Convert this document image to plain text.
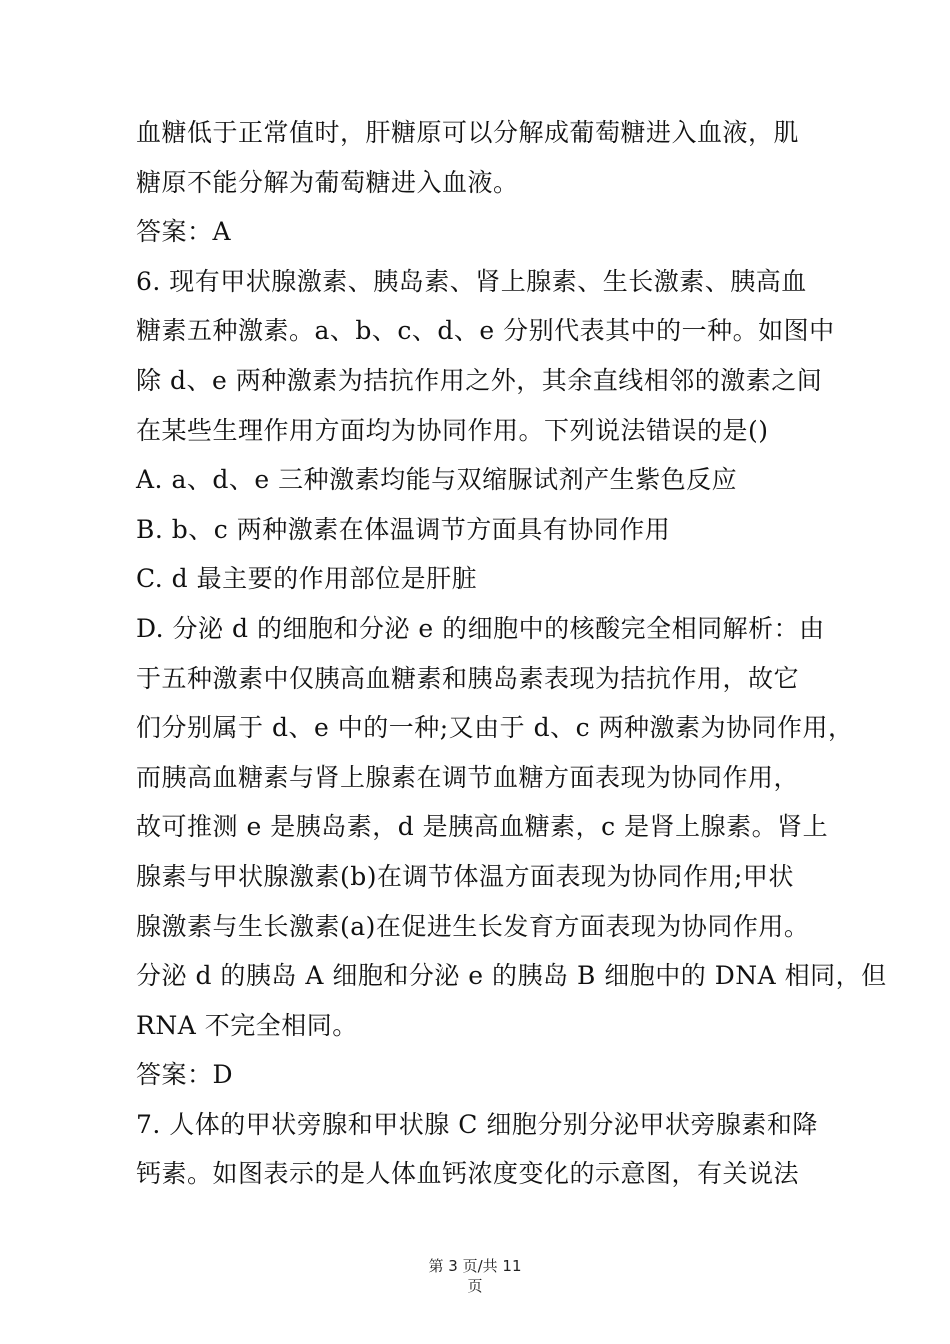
血糖低于正常值时，肝糖原可以分解成葡萄糖进入血液，肌
糖原不能分解为葡萄糖进入血液。
答案：A
6. 现有甲状腺激素、胰岛素、肾上腺素、生长激素、胰高血
糖素五种激素。a、b、c、d、e 分别代表其中的一种。如图中
除 d、e 两种激素为拮抗作用之外，其余直线相邻的激素之间
在某些生理作用方面均为协同作用。下列说法错误的是()
A. a、d、e 三种激素均能与双缩脲试剂产生紫色反应
B. b、c 两种激素在体温调节方面具有协同作用
C. d 最主要的作用部位是肝脏
D. 分泌 d 的细胞和分泌 e 的细胞中的核酸完全相同解析：由
于五种激素中仅胰高血糖素和胰岛素表现为拮抗作用，故它
们分别属于 d、e 中的一种;又由于 d、c 两种激素为协同作用，
而胰高血糖素与肾上腺素在调节血糖方面表现为协同作用，
故可推测 e 是胰岛素，d 是胰高血糖素，c 是肾上腺素。肾上
腺素与甲状腺激素(b)在调节体温方面表现为协同作用;甲状
腺激素与生长激素(a)在促进生长发育方面表现为协同作用。
分泌 d 的胰岛 A 细胞和分泌 e 的胰岛 B 细胞中的 DNA 相同，但
RNA 不完全相同。
答案：D
7. 人体的甲状旁腺和甲状腺 C 细胞分别分泌甲状旁腺素和降
钙素。如图表示的是人体血钙浓度变化的示意图，有关说法
第 3 页/共 11
页
